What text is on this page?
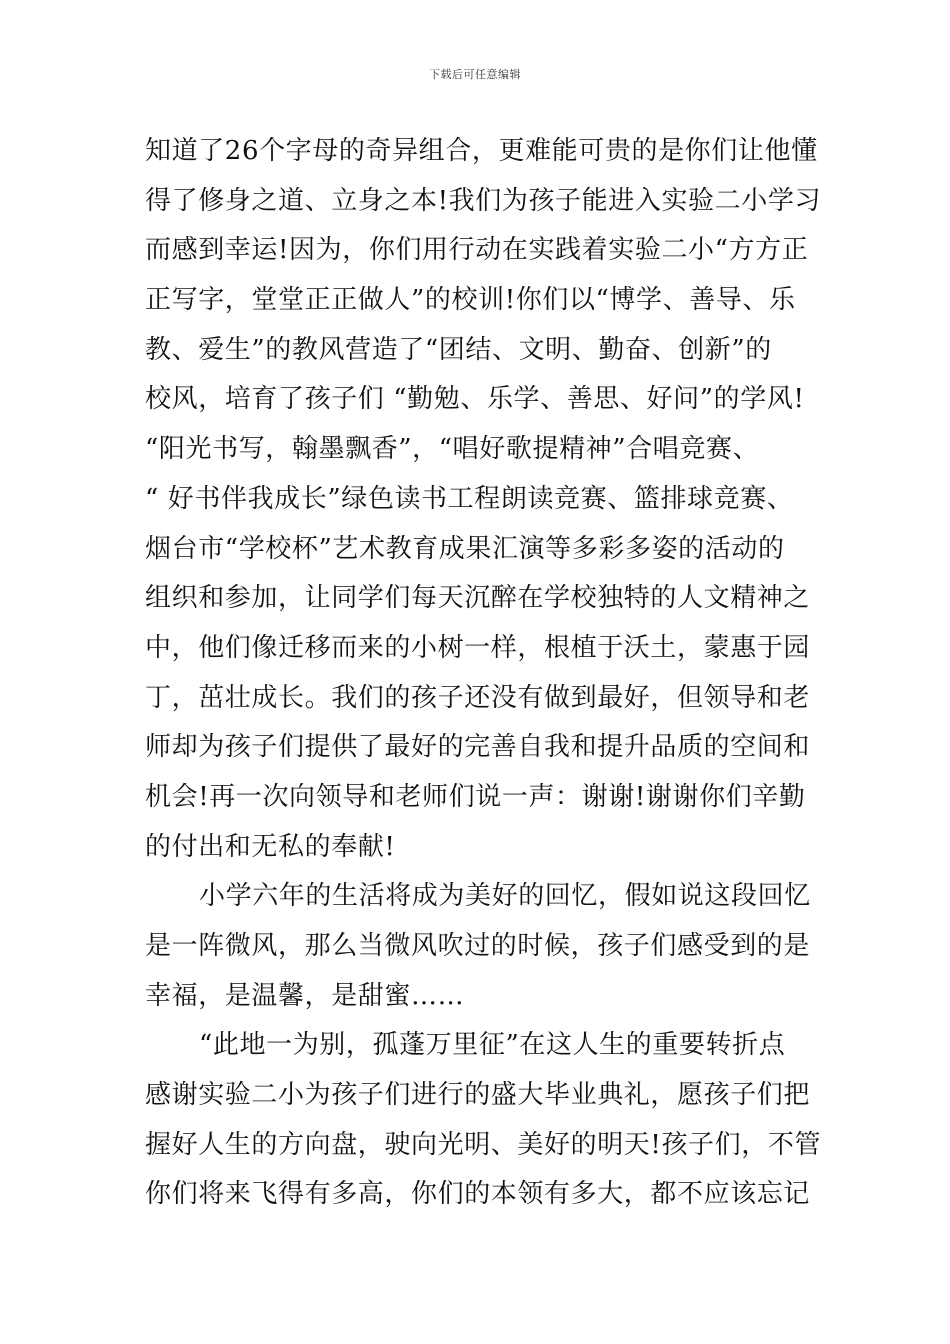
下载后可任意编辑
知道了26个字母的奇异组合，更难能可贵的是你们让他懂
得了修身之道、立身之本!我们为孩子能进入实验二小学习
而感到幸运!因为，你们用行动在实践着实验二小“方方正
正写字，堂堂正正做人”的校训!你们以“博学、善导、乐
教、爱生”的教风营造了“团结、文明、勤奋、创新”的
校风，培育了孩子们 “勤勉、乐学、善思、好问”的学风!
“阳光书写，翰墨飘香”，“唱好歌提精神”合唱竞赛、
“ 好书伴我成长”绿色读书工程朗读竞赛、篮排球竞赛、
烟台市“学校杯”艺术教育成果汇演等多彩多姿的活动的
组织和参加，让同学们每天沉醉在学校独特的人文精神之
中，他们像迁移而来的小树一样，根植于沃土，蒙惠于园
丁，茁壮成长。我们的孩子还没有做到最好，但领导和老
师却为孩子们提供了最好的完善自我和提升品质的空间和
机会!再一次向领导和老师们说一声：谢谢!谢谢你们辛勤
的付出和无私的奉献!
小学六年的生活将成为美好的回忆，假如说这段回忆
是一阵微风，那么当微风吹过的时候，孩子们感受到的是
幸福，是温馨，是甜蜜……
“此地一为别，孤蓬万里征”在这人生的重要转折点
感谢实验二小为孩子们进行的盛大毕业典礼，愿孩子们把
握好人生的方向盘，驶向光明、美好的明天!孩子们，不管
你们将来飞得有多高，你们的本领有多大，都不应该忘记
